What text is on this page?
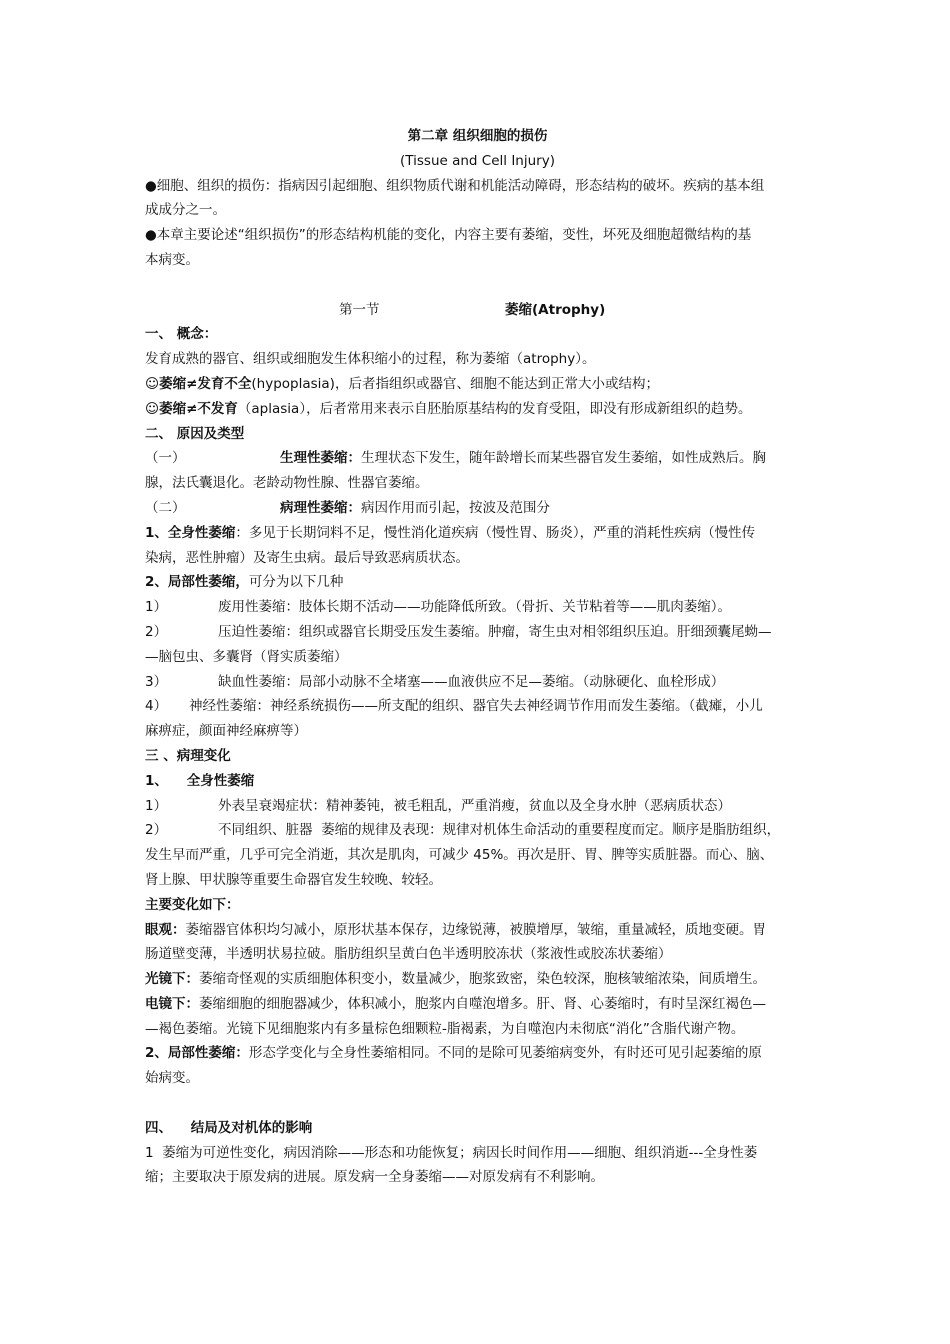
第二章 组织细胞的损伤
(Tissue and Cell Injury)
●细胞、组织的损伤：指病因引起细胞、组织物质代谢和机能活动障碍，形态结构的破坏。疾病的基本组
成成分之一。
●本章主要论述“组织损伤”的形态结构机能的变化，内容主要有萎缩，变性，坏死及细胞超微结构的基
本病变。
第一节	萎缩(Atrophy)
一、 概念：
发育成熟的器官、组织或细胞发生体积缩小的过程，称为萎缩（atrophy）。
☺萎缩≠发育不全(hypoplasia)，后者指组织或器官、细胞不能达到正常大小或结构；
☺萎缩≠不发育（aplasia），后者常用来表示自胚胎原基结构的发育受阻，即没有形成新组织的趋势。
二、 原因及类型
（一）	生理性萎缩：生理状态下发生，随年龄增长而某些器官发生萎缩，如性成熟后。胸
腺，法氏囊退化。老龄动物性腺、性器官萎缩。
（二）	病理性萎缩：病因作用而引起，按波及范围分
1、全身性萎缩：多见于长期饲料不足，慢性消化道疾病（慢性胃、肠炎），严重的消耗性疾病（慢性传
染病，恶性肿瘤）及寄生虫病。最后导致恶病质状态。
2、局部性萎缩，可分为以下几种
1）	废用性萎缩：肢体长期不活动——功能降低所致。（骨折、关节粘着等——肌肉萎缩）。
2）	压迫性萎缩：组织或器官长期受压发生萎缩。肿瘤，寄生虫对相邻组织压迫。肝细颈囊尾蚴—
—脑包虫、多囊肾（肾实质萎缩）
3）	缺血性萎缩：局部小动脉不全堵塞——血液供应不足—萎缩。（动脉硬化、血栓形成）
4） 神经性萎缩：神经系统损伤——所支配的组织、器官失去神经调节作用而发生萎缩。（截瘫，小儿
麻痹症，颜面神经麻痹等）
三 、病理变化
1、    全身性萎缩
1）	外表呈衰竭症状：精神萎钝，被毛粗乱，严重消瘦，贫血以及全身水肿（恶病质状态）
2）	不同组织、脏器  萎缩的规律及表现：规律对机体生命活动的重要程度而定。顺序是脂肪组织，
发生早而严重，几乎可完全消逝，其次是肌肉，可减少 45%。再次是肝、胃、脾等实质脏器。而心、脑、
肾上腺、甲状腺等重要生命器官发生较晚、较轻。
主要变化如下：
眼观：萎缩器官体积均匀减小，原形状基本保存，边缘锐薄，被膜增厚，皱缩，重量减轻，质地变硬。胃
肠道壁变薄，半透明状易拉破。脂肪组织呈黄白色半透明胶冻状（浆液性或胶冻状萎缩）
光镜下：萎缩奇怪观的实质细胞体积变小，数量减少，胞浆致密，染色较深，胞核皱缩浓染，间质增生。
电镜下：萎缩细胞的细胞器减少，体积减小，胞浆内自噬泡增多。肝、肾、心萎缩时，有时呈深红褐色—
—褐色萎缩。光镜下见细胞浆内有多量棕色细颗粒-脂褐素，为自噬泡内未彻底“消化”含脂代谢产物。
2、局部性萎缩：形态学变化与全身性萎缩相同。不同的是除可见萎缩病变外，有时还可见引起萎缩的原
始病变。
四、    结局及对机体的影响
1  萎缩为可逆性变化，病因消除——形态和功能恢复；病因长时间作用——细胞、组织消逝---全身性萎
缩；主要取决于原发病的进展。原发病一全身萎缩——对原发病有不利影响。
